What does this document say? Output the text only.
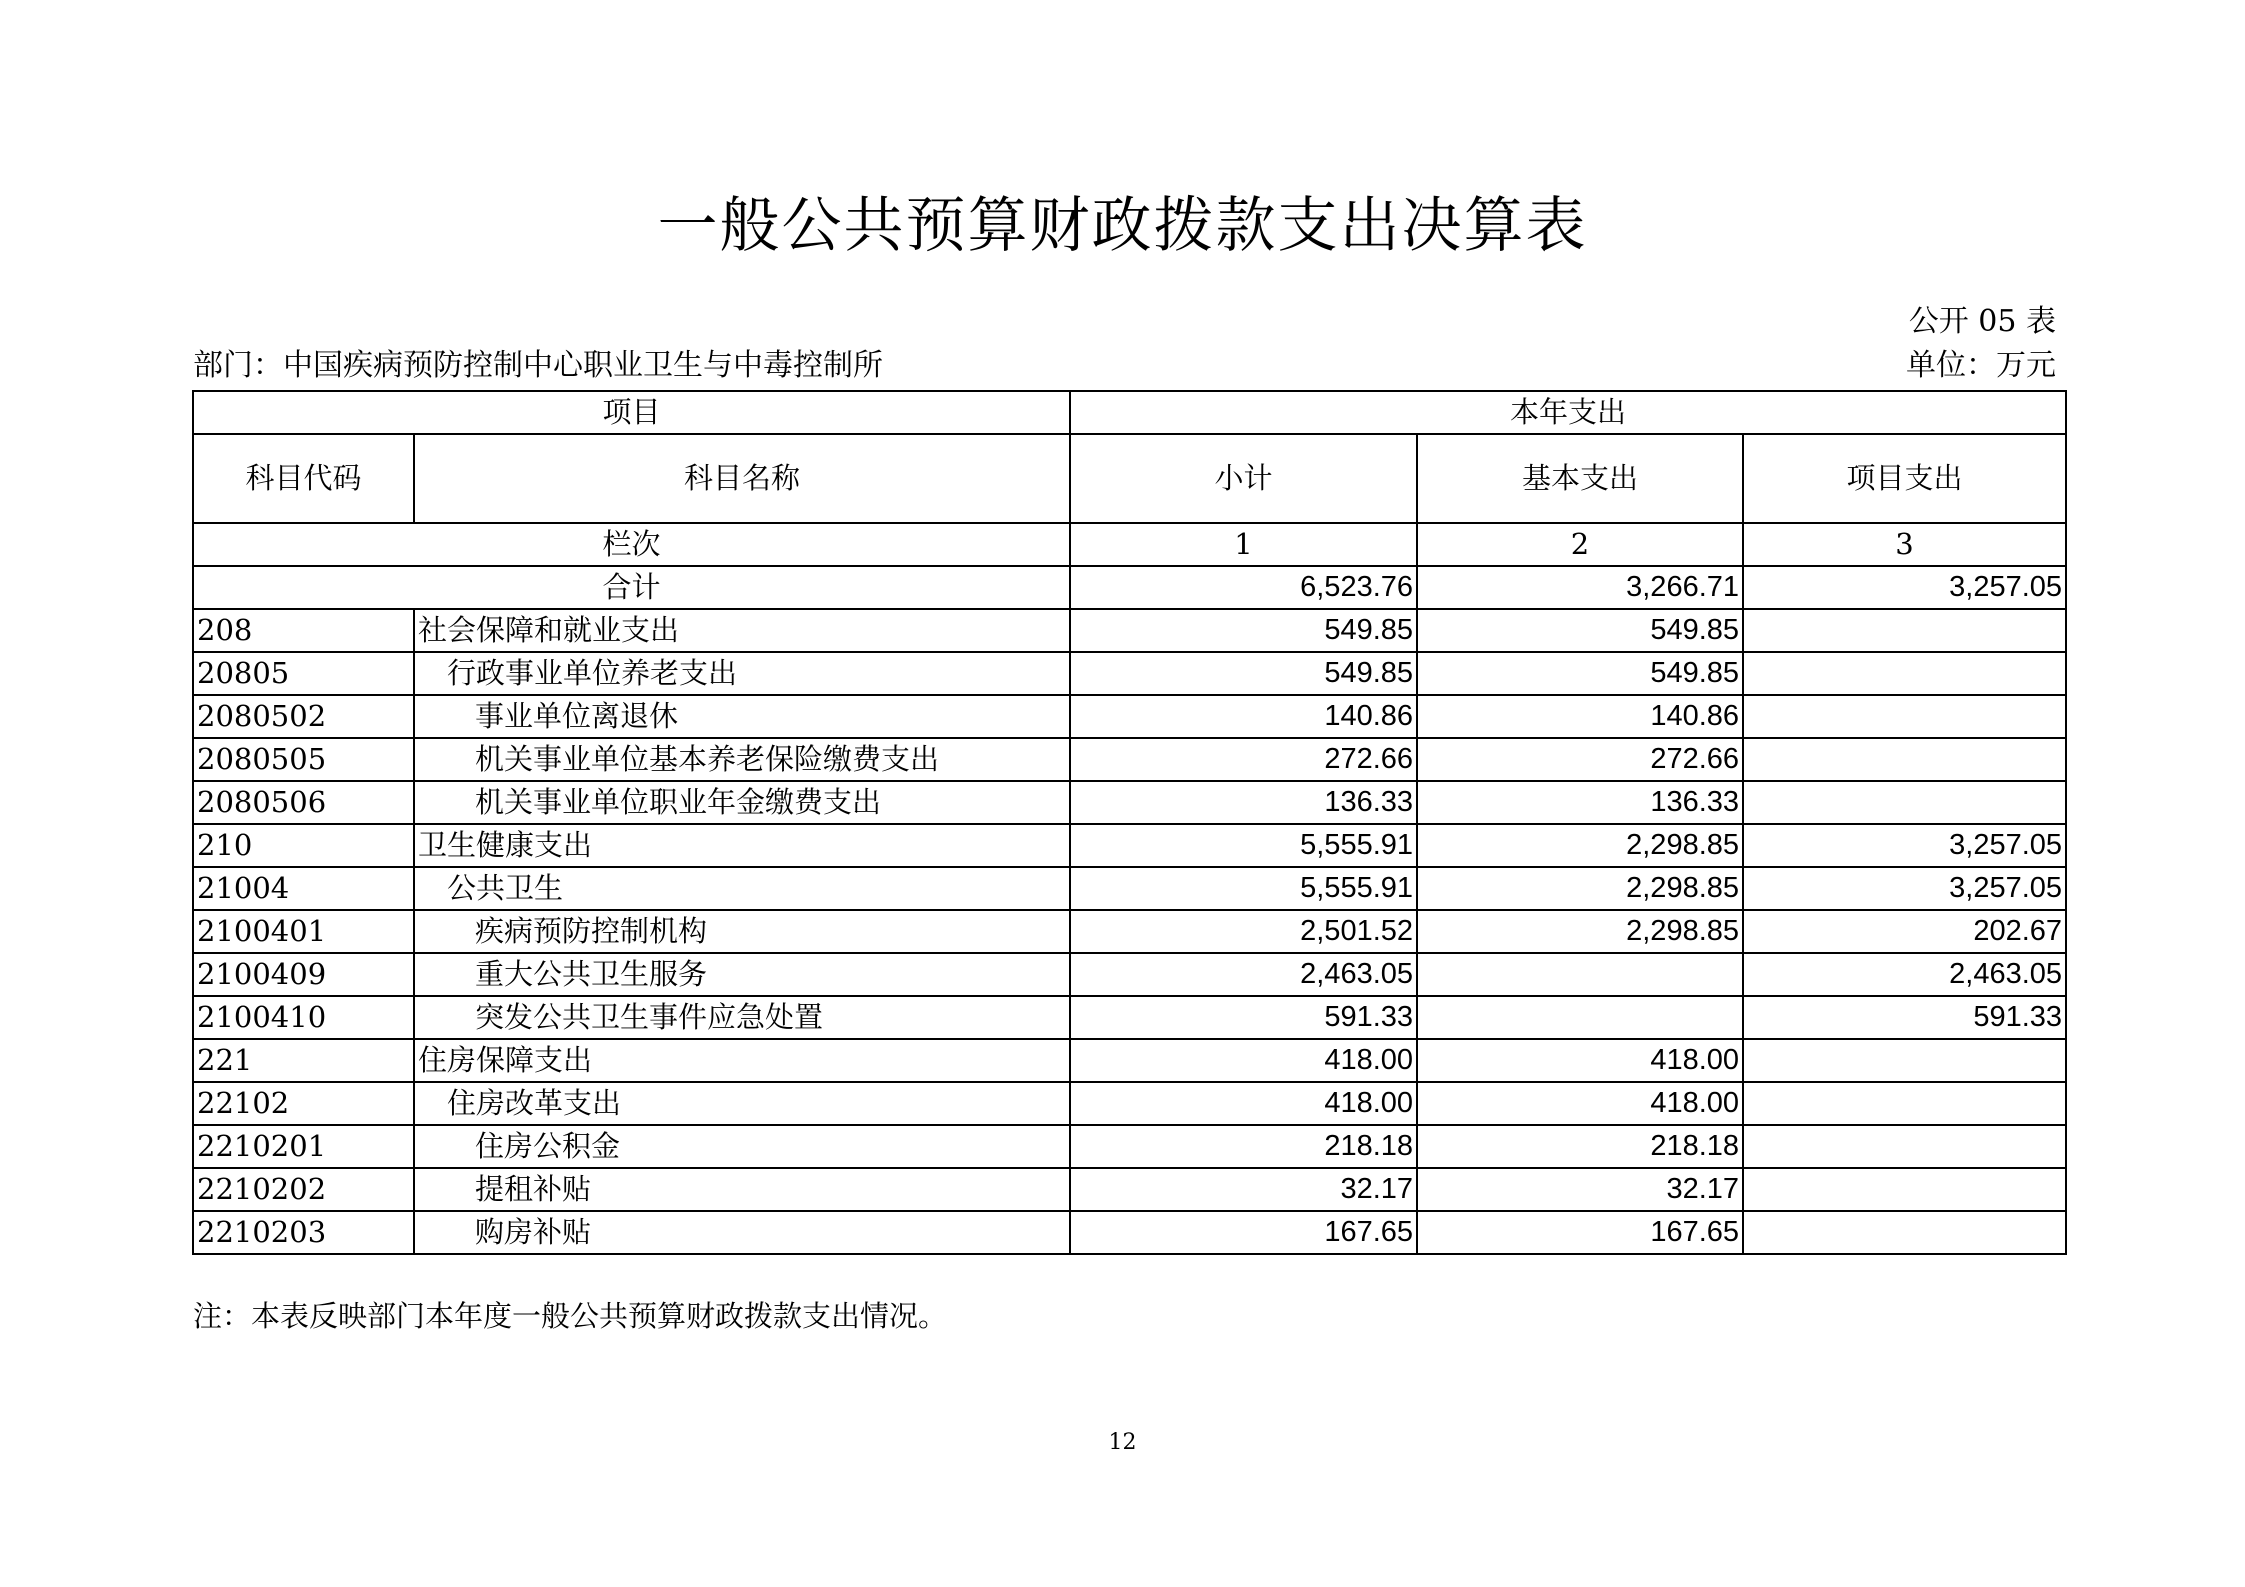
一般公共预算财政拨款支出决算表
公开 05 表
部门：中国疾病预防控制中心职业卫生与中毒控制所	单位：万元
项目		本年支出		
科目代码	科目名称	小计	基本支出	项目支出
栏次		1	2	3
合计		6,523.76	3,266.71	3,257.05
208	社会保障和就业支出	549.85	549.85	
20805	行政事业单位养老支出	549.85	549.85	
2080502	事业单位离退休	140.86	140.86	
2080505	机关事业单位基本养老保险缴费支出	272.66	272.66	
2080506	机关事业单位职业年金缴费支出	136.33	136.33	
210	卫生健康支出	5,555.91	2,298.85	3,257.05
21004	公共卫生	5,555.91	2,298.85	3,257.05
2100401	疾病预防控制机构	2,501.52	2,298.85	202.67
2100409	重大公共卫生服务	2,463.05		2,463.05
2100410	突发公共卫生事件应急处置	591.33		591.33
221	住房保障支出	418.00	418.00	
22102	住房改革支出	418.00	418.00	
2210201	住房公积金	218.18	218.18	
2210202	提租补贴	32.17	32.17	
2210203	购房补贴	167.65	167.65	
注：本表反映部门本年度一般公共预算财政拨款支出情况。
12
